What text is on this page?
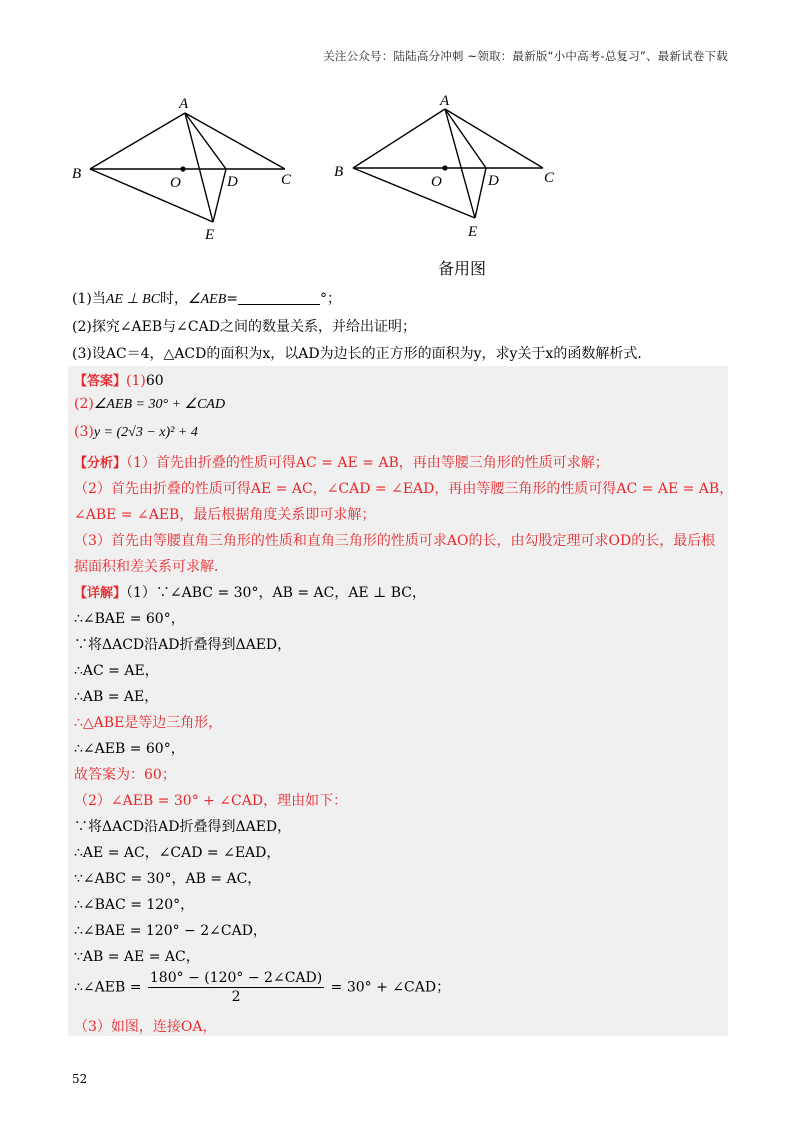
关注公众号：陆陆高分冲刺 ~领取：最新版“小中高考-总复习”、最新试卷下载
A
B
O	D	C
E
A
B
O	D	C
E
备用图
(1)当AE ⊥ BC时，∠AEB=	°；
(2)探究∠AEB与∠CAD之间的数量关系，并给出证明；
(3)设AC＝4，△ACD的面积为x，以AD为边长的正方形的面积为y，求y关于x的函数解析式．
【答案】(1)60
(2)∠AEB = 30° + ∠CAD
(3)y = (2√3 − x)² + 4
【分析】（1）首先由折叠的性质可得AC = AE = AB，再由等腰三角形的性质可求解；
（2）首先由折叠的性质可得AE = AC，∠CAD = ∠EAD，再由等腰三角形的性质可得AC = AE = AB，
∠ABE = ∠AEB，最后根据角度关系即可求解；
（3）首先由等腰直角三角形的性质和直角三角形的性质可求AO的长，由勾股定理可求OD的长，最后根
据面积和差关系可求解．
【详解】（1）∵∠ABC = 30°，AB = AC，AE ⊥ BC，
∴∠BAE = 60°，
∵将ΔACD沿AD折叠得到ΔAED，
∴AC = AE，
∴AB = AE，
∴△ABE是等边三角形，
∴∠AEB = 60°，
故答案为：60；
（2）∠AEB = 30° + ∠CAD，理由如下：
∵将ΔACD沿AD折叠得到ΔAED，
∴AE = AC，∠CAD = ∠EAD，
∵∠ABC = 30°，AB = AC，
∴∠BAC = 120°，
∴∠BAE = 120° − 2∠CAD，
∵AB = AE = AC，
∴∠AEB = $\frac{\text{180° − (120° − 2∠CAD)}}{2} = 30^\circ$ + ∠CAD；
（3）如图，连接OA，
52
